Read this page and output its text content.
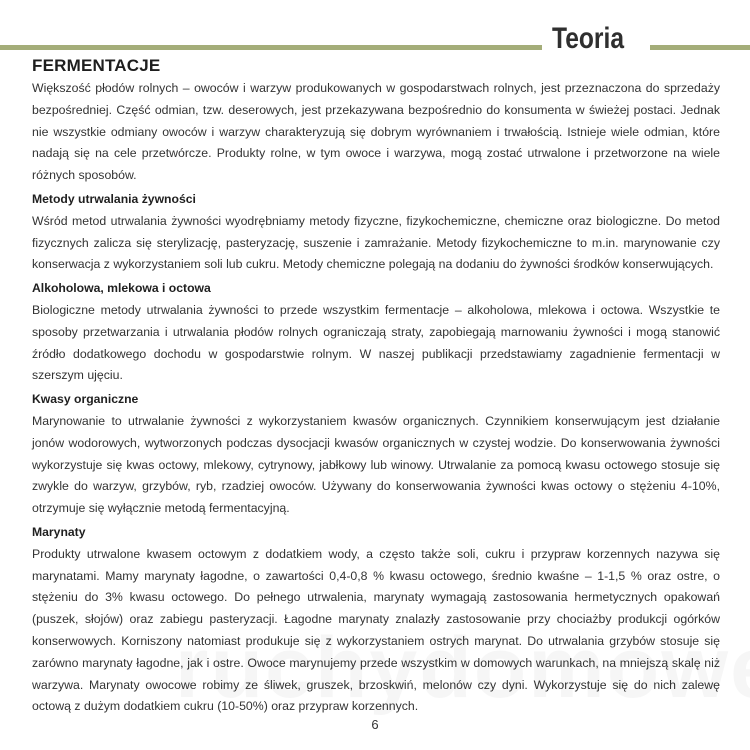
Teoria
FERMENTACJE

Większość płodów rolnych – owoców i warzyw produkowanych w gospodarstwach rolnych, jest przeznaczona do sprzedaży bezpośredniej. Część odmian, tzw. deserowych, jest przekazywana bezpośrednio do konsumenta w świeżej postaci. Jednak nie wszystkie odmiany owoców i warzyw charakteryzują się dobrym wyrównaniem i trwałością. Istnieje wiele odmian, które nadają się na cele przetwórcze. Produkty rolne, w tym owoce i warzywa, mogą zostać utrwalone i przetworzone na wiele różnych sposobów.

Metody utrwalania żywności

Wśród metod utrwalania żywności wyodrębniamy metody fizyczne, fizykochemiczne, chemiczne oraz biologiczne. Do metod fizycznych zalicza się sterylizację, pasteryzację, suszenie i zamrażanie. Metody fizykochemiczne to m.in. marynowanie czy konserwacja z wykorzystaniem soli lub cukru. Metody chemiczne polegają na dodaniu do żywności środków konserwujących.

Alkoholowa, mlekowa i octowa

Biologiczne metody utrwalania żywności to przede wszystkim fermentacje – alkoholowa, mlekowa i octowa. Wszystkie te sposoby przetwarzania i utrwalania płodów rolnych ograniczają straty, zapobiegają marnowaniu żywności i mogą stanowić źródło dodatkowego dochodu w gospodarstwie rolnym. W naszej publikacji przedstawiamy zagadnienie fermentacji w szerszym ujęciu.

Kwasy organiczne

Marynowanie to utrwalanie żywności z wykorzystaniem kwasów organicznych. Czynnikiem konserwującym jest działanie jonów wodorowych, wytworzonych podczas dysocjacji kwasów organicznych w czystej wodzie. Do konserwowania żywności wykorzystuje się kwas octowy, mlekowy, cytrynowy, jabłkowy lub winowy. Utrwalanie za pomocą kwasu octowego stosuje się zwykle do warzyw, grzybów, ryb, rzadziej owoców. Używany do konserwowania żywności kwas octowy o stężeniu 4-10%, otrzymuje się wyłącznie metodą fermentacyjną.

Marynaty

Produkty utrwalone kwasem octowym z dodatkiem wody, a często także soli, cukru i przypraw korzennych nazywa się marynatami. Mamy marynaty łagodne, o zawartości 0,4-0,8 % kwasu octowego, średnio kwaśne – 1-1,5 % oraz ostre, o stężeniu do 3% kwasu octowego. Do pełnego utrwalenia, marynaty wymagają zastosowania hermetycznych opakowań (puszek, słojów) oraz zabiegu pasteryzacji. Łagodne marynaty znalazły zastosowanie przy chociażby produkcji ogórków konserwowych. Korniszony natomiast produkuje się z wykorzystaniem ostrych marynat. Do utrwalania grzybów stosuje się zarówno marynaty łagodne, jak i ostre. Owoce marynujemy przede wszystkim w domowych warunkach, na mniejszą skalę niż warzywa. Marynaty owocowe robimy ze śliwek, gruszek, brzoskwiń, melonów czy dyni. Wykorzystuje się do nich zalewę octową z dużym dodatkiem cukru (10-50%) oraz przypraw korzennych.

6
